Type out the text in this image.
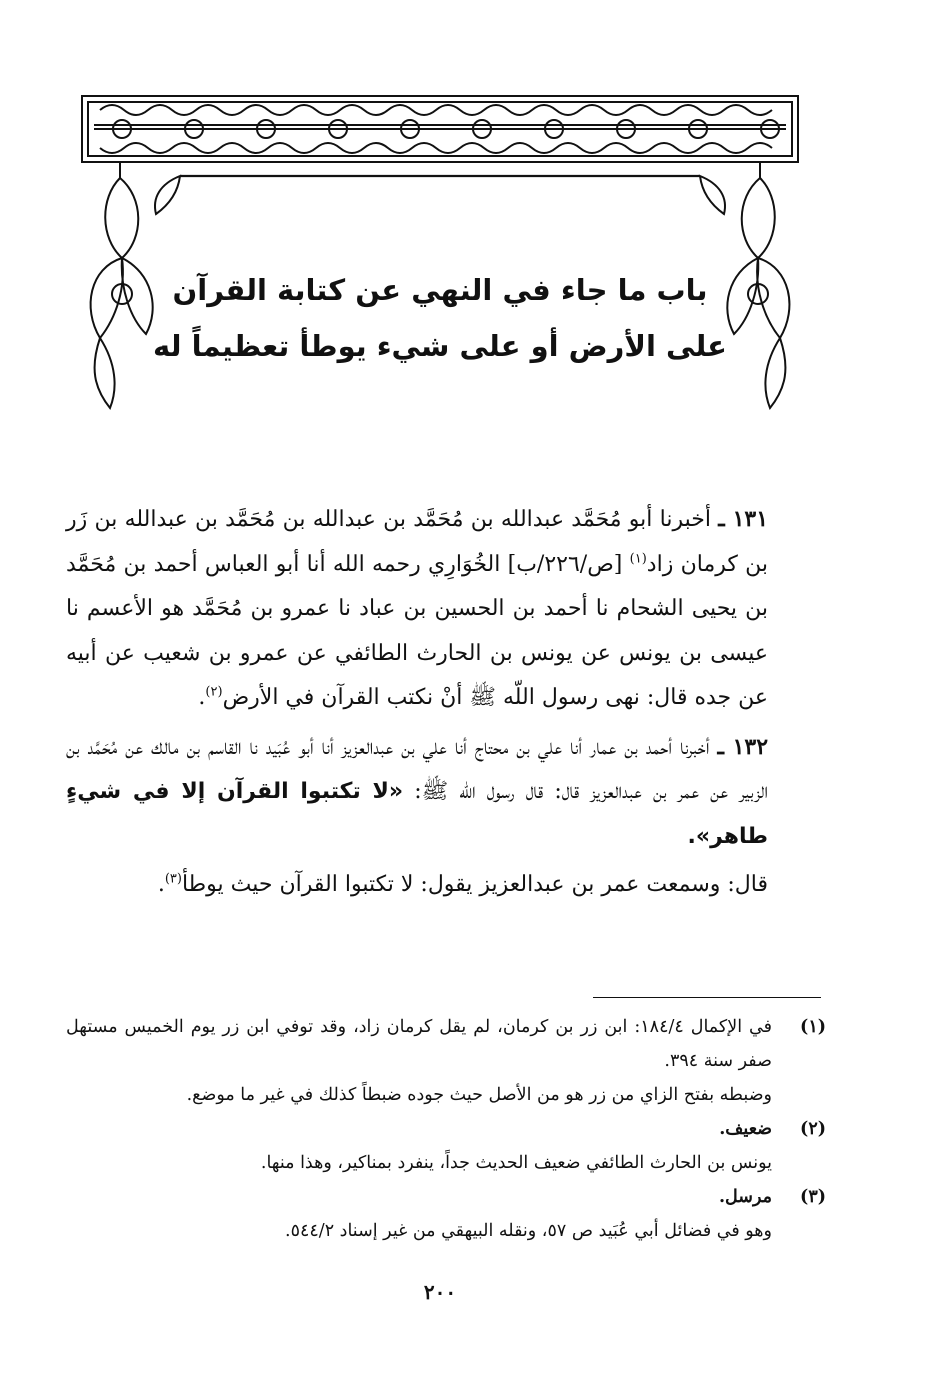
باب ما جاء في النهي عن كتابة القرآن
على الأرض أو على شيء يوطأ تعظيماً له

١٣١ ـ أخبرنا أبو مُحَمَّد عبدالله بن مُحَمَّد بن عبدالله بن مُحَمَّد بن عبدالله بن زَر بن كرمان زاد$^{(١)}$ [ص/٢٢٦/ب] الخُوَارِي رحمه الله أنا أبو العباس أحمد بن مُحَمَّد بن يحيى الشحام نا أحمد بن الحسين بن عباد نا عمرو بن مُحَمَّد هو الأعسم نا عيسى بن يونس عن يونس بن الحارث الطائفي عن عمرو بن شعيب عن أبيه عن جده قال: نهى رسول اللّه ﷺ أنْ نكتب القرآن في الأرض$^{(٢)}$.

١٣٢ ـ أخبرنا أحمد بن عمار أنا علي بن محتاج أنا علي بن عبدالعزيز أنا أبو عُبَيد نا القاسم بن مالك عن مُحَمَّد بن الزبير عن عمر بن عبدالعزيز قال: قال رسول اللّه ﷺ: «لا تكتبوا القرآن إلا في شيءٍ طاهر».

قال: وسمعت عمر بن عبدالعزيز يقول: لا تكتبوا القرآن حيث يوطأ$^{(٣)}$.

(١)
في الإكمال ١٨٤/٤: ابن زر بن كرمان، لم يقل كرمان زاد، وقد توفي ابن زر يوم الخميس مستهل صفر سنة ٣٩٤.
وضبطه بفتح الزاي من زر هو من الأصل حيث جوده ضبطاً كذلك في غير ما موضع.
(٢)
ضعيف.
يونس بن الحارث الطائفي ضعيف الحديث جداً، ينفرد بمناكير، وهذا منها.
(٣)
مرسل.
وهو في فضائل أبي عُبَيد ص ٥٧، ونقله البيهقي من غير إسناد ٥٤٤/٢.
٢٠٠
